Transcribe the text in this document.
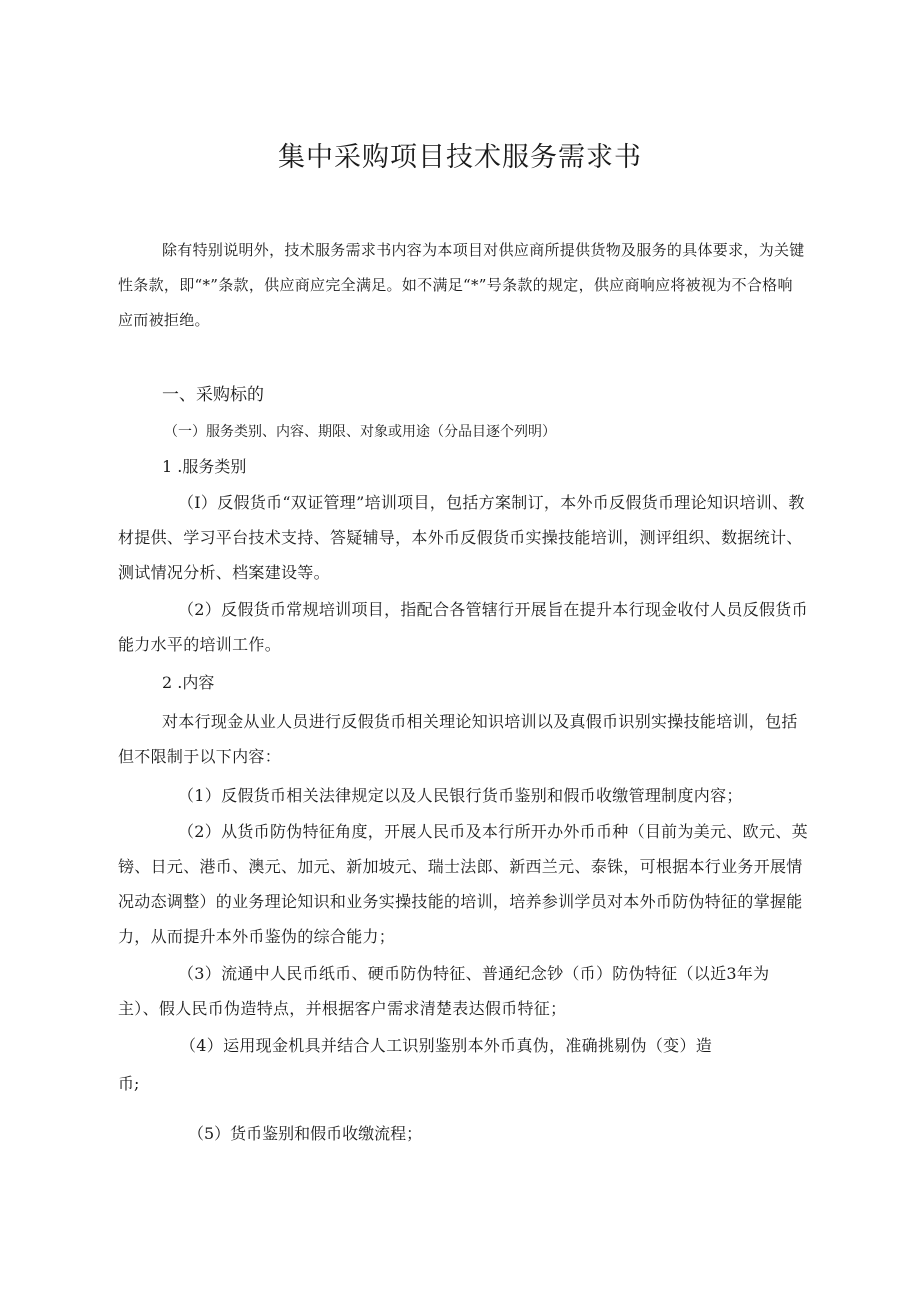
集中采购项目技术服务需求书
除有特别说明外，技术服务需求书内容为本项目对供应商所提供货物及服务的具体要求，为关键性条款，即“*”条款，供应商应完全满足。如不满足“*”号条款的规定，供应商响应将被视为不合格响应而被拒绝。
一、采购标的
（一）服务类别、内容、期限、对象或用途（分品目逐个列明）
1 .服务类别
（I）反假货币“双证管理”培训项目，包括方案制订，本外币反假货币理论知识培训、教材提供、学习平台技术支持、答疑辅导，本外币反假货币实操技能培训，测评组织、数据统计、测试情况分析、档案建设等。
（2）反假货币常规培训项目，指配合各管辖行开展旨在提升本行现金收付人员反假货币能力水平的培训工作。
2 .内容
对本行现金从业人员进行反假货币相关理论知识培训以及真假币识别实操技能培训，包括但不限制于以下内容：
（1）反假货币相关法律规定以及人民银行货币鉴别和假币收缴管理制度内容；
（2）从货币防伪特征角度，开展人民币及本行所开办外币币种（目前为美元、欧元、英镑、日元、港币、澳元、加元、新加坡元、瑞士法郎、新西兰元、泰铢，可根据本行业务开展情况动态调整）的业务理论知识和业务实操技能的培训，培养参训学员对本外币防伪特征的掌握能力，从而提升本外币鉴伪的综合能力；
（3）流通中人民币纸币、硬币防伪特征、普通纪念钞（币）防伪特征（以近3年为主）、假人民币伪造特点，并根据客户需求清楚表达假币特征；
（4）运用现金机具并结合人工识别鉴别本外币真伪，准确挑剔伪（变）造
币;
（5）货币鉴别和假币收缴流程；
